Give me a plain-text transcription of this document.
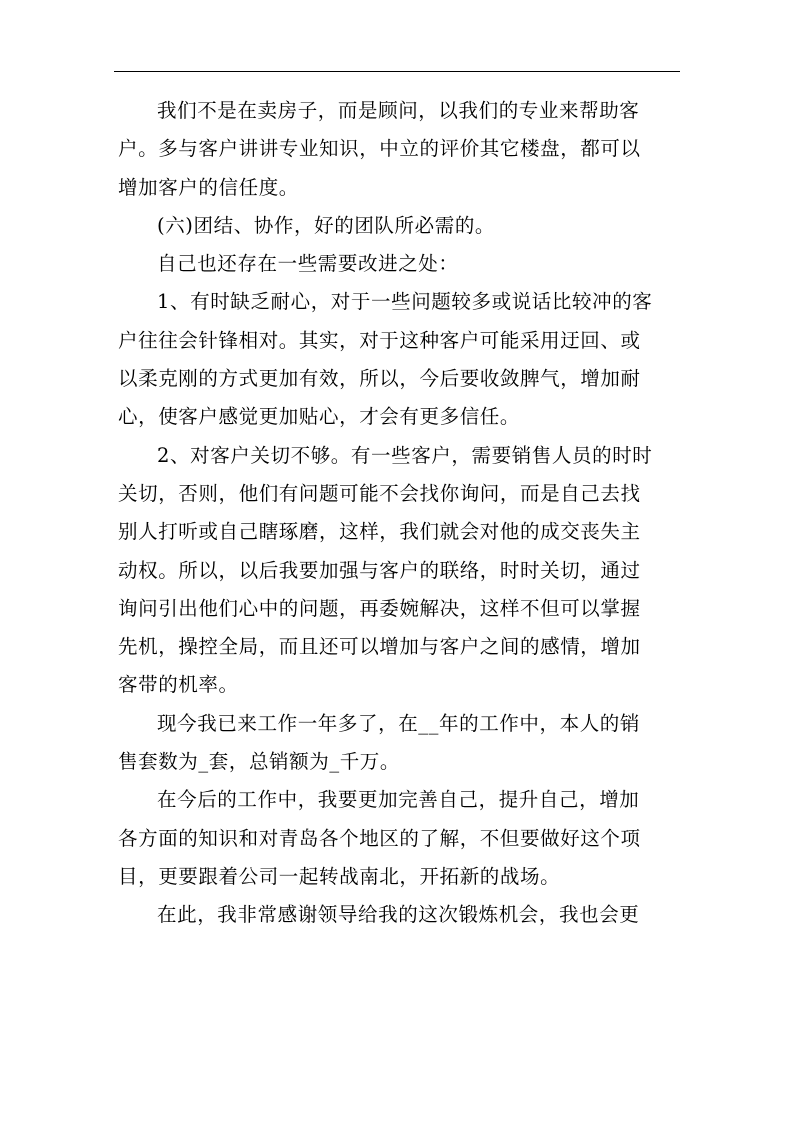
我们不是在卖房子，而是顾问，以我们的专业来帮助客
户。多与客户讲讲专业知识，中立的评价其它楼盘，都可以
增加客户的信任度。

(六)团结、协作，好的团队所必需的。

自己也还存在一些需要改进之处：

1、有时缺乏耐心，对于一些问题较多或说话比较冲的客
户往往会针锋相对。其实，对于这种客户可能采用迂回、或
以柔克刚的方式更加有效，所以，今后要收敛脾气，增加耐
心，使客户感觉更加贴心，才会有更多信任。

2、对客户关切不够。有一些客户，需要销售人员的时时
关切，否则，他们有问题可能不会找你询问，而是自己去找
别人打听或自己瞎琢磨，这样，我们就会对他的成交丧失主
动权。所以，以后我要加强与客户的联络，时时关切，通过
询问引出他们心中的问题，再委婉解决，这样不但可以掌握
先机，操控全局，而且还可以增加与客户之间的感情，增加
客带的机率。

现今我已来工作一年多了，在__年的工作中，本人的销
售套数为_套，总销额为_千万。

在今后的工作中，我要更加完善自己，提升自己，增加
各方面的知识和对青岛各个地区的了解，不但要做好这个项
目，更要跟着公司一起转战南北，开拓新的战场。

在此，我非常感谢领导给我的这次锻炼机会，我也会更
